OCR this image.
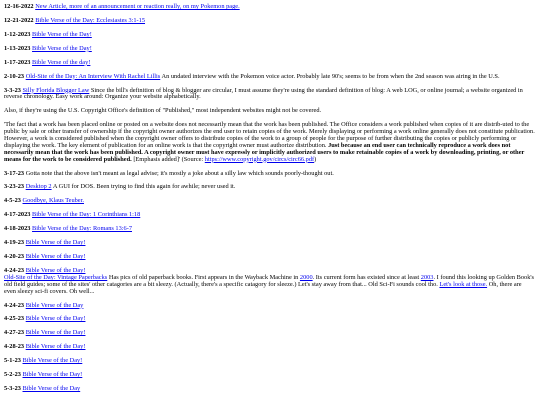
12-16-2022 New Article, more of an announcement or reaction really, on my Pokemon page.

12-21-2022 Bible Verse of the Day: Ecclesiastes 3:1-15

1-12-2023 Bible Verse of the Day!

1-13-2023 Bible Verse of the Day!

1-17-2023 Bible Verse of the day!

2-10-23 Old-Site of the Day: An Interview With Rachel Lillis An undated interview with the Pokemon voice actor. Probably late 90's; seems to be from when the 2nd season was airing in the U.S.

3-3-23 Silly Florida Blogger Law Since the bill's definition of blog & blogger are circular, I must assume they're using the standard definition of blog: A web LOG, or online journal; a website organized in reverse chronology. Easy work around: Organize your website alphabetically.

Also, if they're using the U.S. Copyright Office's definition of "Published," most independent websites might not be covered.

'The fact that a work has been placed online or posted on a website does not necessarily mean that the work has been published. The Office considers a work published when copies of it are distrib-uted to the public by sale or other transfer of ownership if the copyright owner authorizes the end user to retain copies of the work. Merely displaying or performing a work online generally does not constitute publication. However, a work is considered published when the copyright owner offers to distribute copies of the work to a group of people for the purpose of further distributing the copies or publicly performing or displaying the work. The key element of publication for an online work is that the copyright owner must authorize distribution. Just because an end user can technically reproduce a work does not necessarily mean that the work has been published. A copyright owner must have expressly or implicitly authorized users to make retainable copies of a work by downloading, printing, or other means for the work to be considered published. [Emphasis added]' (Source: https://www.copyright.gov/circs/circ66.pdf)

3-17-23 Gotta note that the above isn't meant as legal advise; it's mostly a joke about a silly law which sounds poorly-thought out.

3-23-23 Desktop 2 A GUI for DOS. Been trying to find this again for awhile; never used it.

4-5-23 Goodbye, Klaus Teuber.

4-17-2023 Bible Verse of the Day: 1 Corinthians 1:18

4-18-2023 Bible Verse of the Day: Romans 13:6-7

4-19-23 Bible Verse of the Day!

4-20-23 Bible Verse of the Day!

4-24-23 Bible Verse of the Day!
Old-Site of the Day: Vintage Paperbacks Has pics of old paperback books. First appears in the Wayback Machine in 2000. Its current form has existed since at least 2003. I found this looking up Golden Book's old field guides; some of the sites' other catagories are a bit sleezy. (Actually, there's a specific catagory for sleeze.) Let's stay away from that... Old Sci-Fi sounds cool tho. Let's look at those. Oh, there are even sleezy sci-fi covers. Oh well...

4-24-23 Bible Verse of the Day

4-25-23 Bible Verse of the Day!

4-27-23 Bible Verse of the Day!

4-28-23 Bible Verse of the Day!

5-1-23 Bible Verse of the Day!

5-2-23 Bible Verse of the Day!

5-3-23 Bible Verse of the Day
